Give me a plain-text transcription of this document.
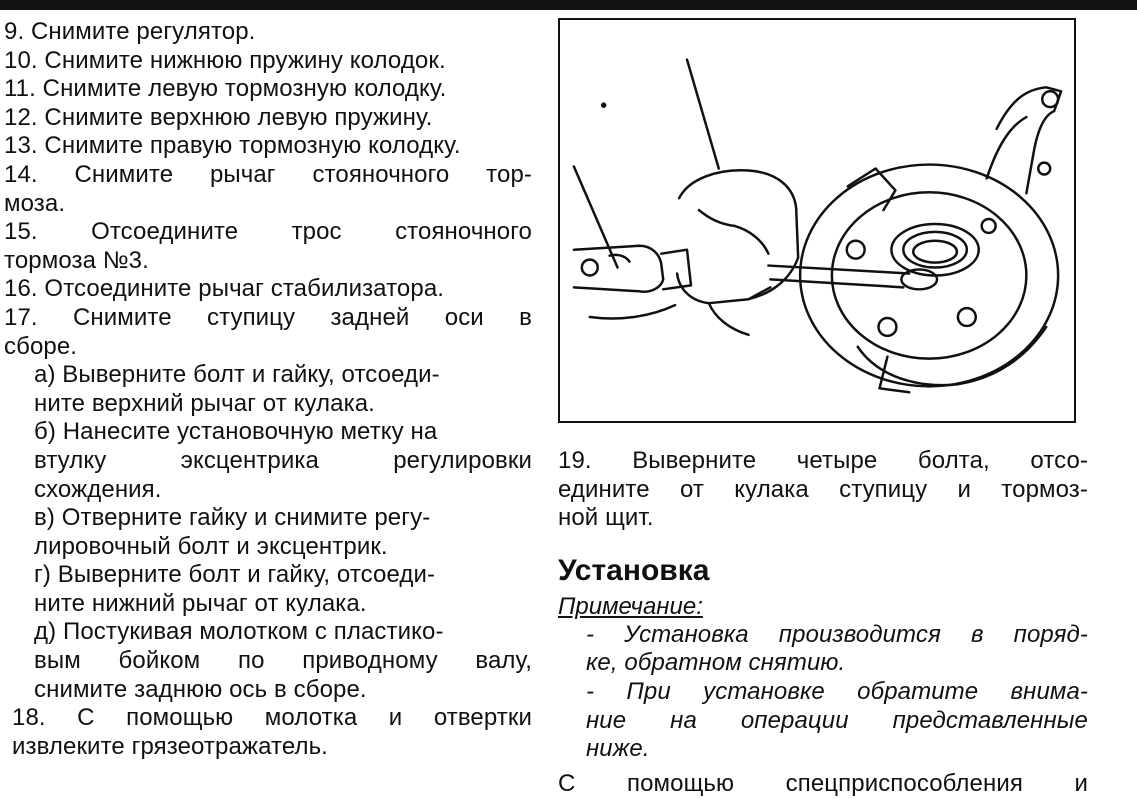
9. Снимите регулятор.
10. Снимите нижнюю пружину колодок.
11. Снимите левую тормозную колодку.
12. Снимите верхнюю левую пружину.
13. Снимите правую тормозную колодку.
14. Снимите рычаг стояночного тор-
моза.
15. Отсоедините трос стояночного
тормоза №3.
16. Отсоедините рычаг стабилизатора.
17. Снимите ступицу задней оси в
сборе.
а) Выверните болт и гайку, отсоеди-
ните верхний рычаг от кулака.
б) Нанесите установочную метку на
втулку эксцентрика регулировки
схождения.
в) Отверните гайку и снимите регу-
лировочный болт и эксцентрик.
г) Выверните болт и гайку, отсоеди-
ните нижний рычаг от кулака.
д) Постукивая молотком с пластико-
вым бойком по приводному валу,
снимите заднюю ось в сборе.
18. С помощью молотка и отвертки
извлеките грязеотражатель.
19. Выверните четыре болта, отсо-
едините от кулака ступицу и тормоз-
ной щит.
Установка
Примечание:
- Установка производится в поряд-
ке, обратном снятию.
- При установке обратите внима-
ние на операции представленные
ниже.
С помощью спецприспособления и
